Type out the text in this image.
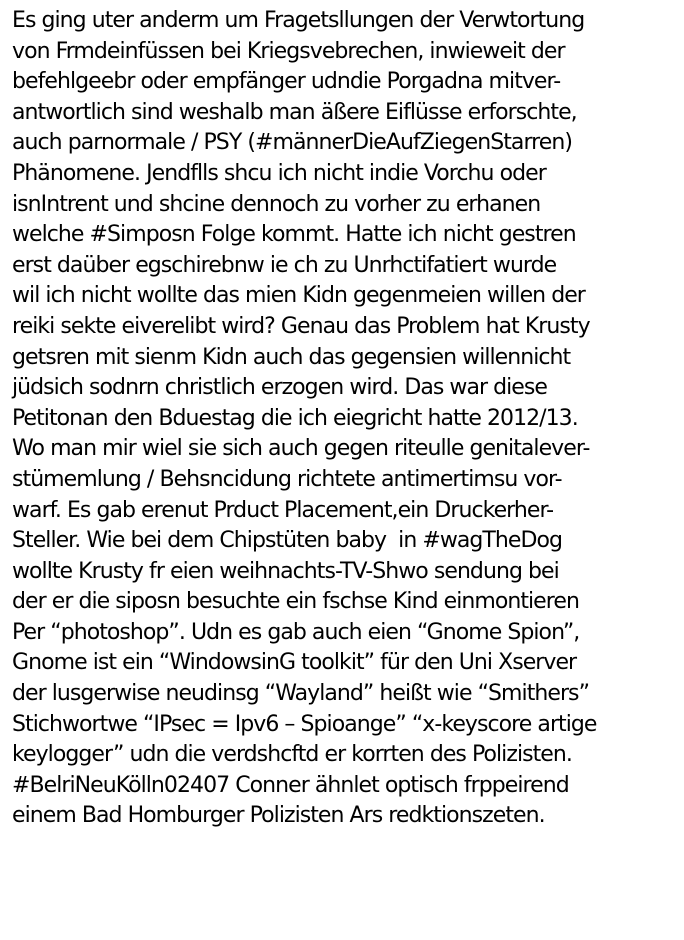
Es ging uter anderm um Fragetsllungen der Verwtortung
von Frmdeinfüssen bei Kriegsvebrechen, inwieweit der
befehlgeebr oder empfänger udndie Porgadna mitver-
antwortlich sind weshalb man äßere Eiflüsse erforschte,
auch parnormale / PSY (#männerDieAufZiegenStarren)
Phänomene. Jendflls shcu ich nicht indie Vorchu oder
isnIntrent und shcine dennoch zu vorher zu erhanen
welche #Simposn Folge kommt. Hatte ich nicht gestren
erst daüber egschirebnw ie ch zu Unrhctifatiert wurde
wil ich nicht wollte das mien Kidn gegenmeien willen der
reiki sekte eiverelibt wird? Genau das Problem hat Krusty
getsren mit sienm Kidn auch das gegensien willennicht
jüdsich sodnrn christlich erzogen wird. Das war diese
Petitonan den Bduestag die ich eiegricht hatte 2012/13.
Wo man mir wiel sie sich auch gegen riteulle genitalever-
stümemlung / Behsncidung richtete antimertimsu vor-
warf. Es gab erenut Prduct Placement,ein Druckerher-
Steller. Wie bei dem Chipstüten baby  in #wagTheDog
wollte Krusty fr eien weihnachts-TV-Shwo sendung bei
der er die siposn besuchte ein fschse Kind einmontieren
Per “photoshop”. Udn es gab auch eien “Gnome Spion”,
Gnome ist ein “WindowsinG toolkit” für den Uni Xserver
der lusgerwise neudinsg “Wayland” heißt wie “Smithers”
Stichwortwe “IPsec = Ipv6 – Spioange” “x-keyscore artige
keylogger” udn die verdshcftd er korrten des Polizisten.
#BelriNeuKölln02407 Conner ähnlet optisch frppeirend
einem Bad Homburger Polizisten Ars redktionszeten.
